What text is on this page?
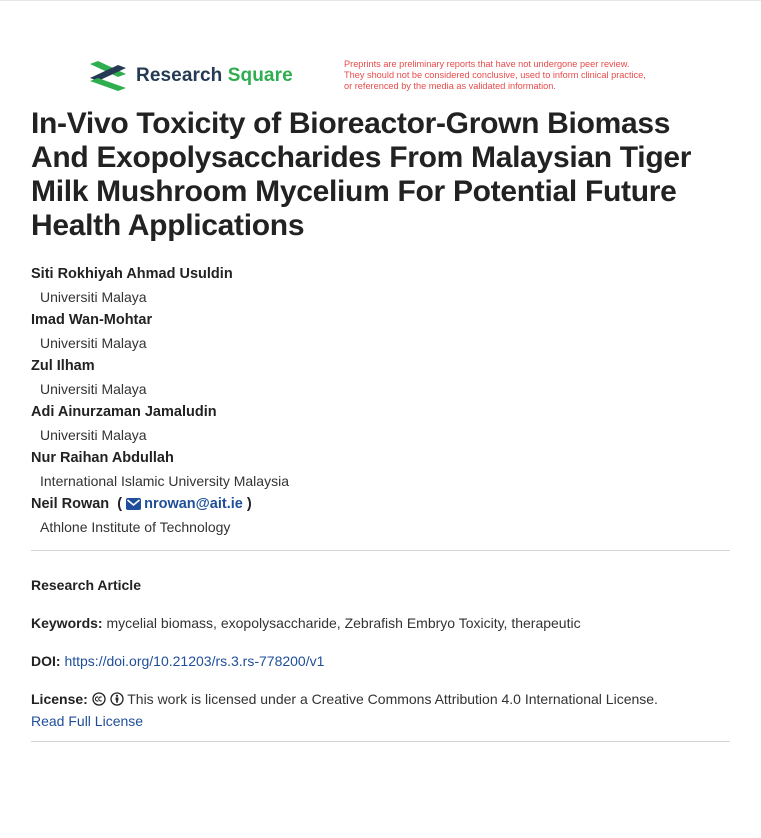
Research Square
Preprints are preliminary reports that have not undergone peer review.
They should not be considered conclusive, used to inform clinical practice,
or referenced by the media as validated information.
In-Vivo Toxicity of Bioreactor-Grown Biomass And Exopolysaccharides From Malaysian Tiger Milk Mushroom Mycelium For Potential Future Health Applications
Siti Rokhiyah Ahmad Usuldin
Universiti Malaya
Imad Wan-Mohtar
Universiti Malaya
Zul Ilham
Universiti Malaya
Adi Ainurzaman Jamaludin
Universiti Malaya
Nur Raihan Abdullah
International Islamic University Malaysia
Neil Rowan ( nrowan@ait.ie )
Athlone Institute of Technology
Research Article
Keywords: mycelial biomass, exopolysaccharide, Zebrafish Embryo Toxicity, therapeutic
DOI: https://doi.org/10.21203/rs.3.rs-778200/v1
License:	This work is licensed under a Creative Commons Attribution 4.0 International License.
Read Full License
